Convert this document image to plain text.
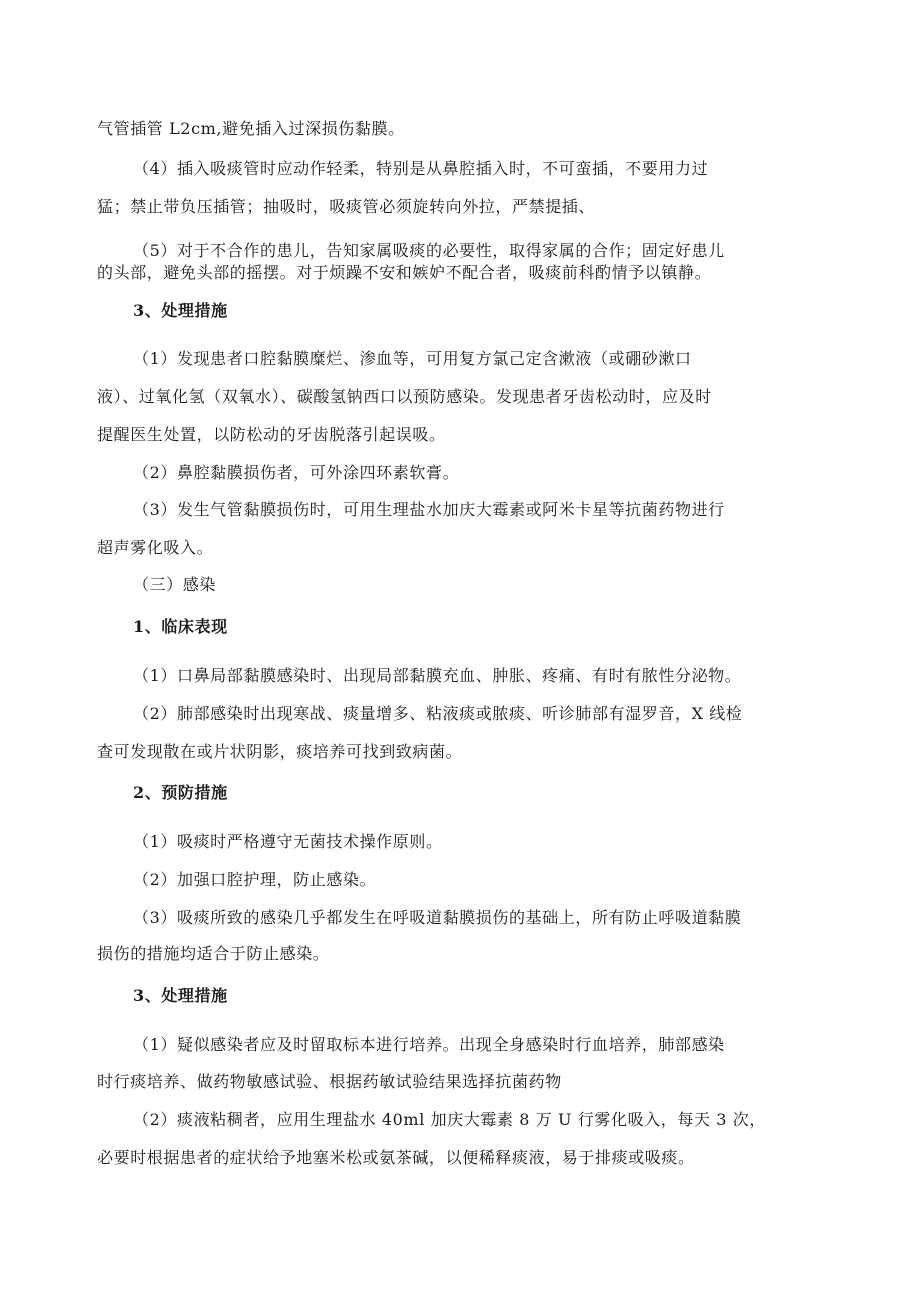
气管插管 L2cm,避免插入过深损伤黏膜。
（4）插入吸痰管时应动作轻柔，特别是从鼻腔插入时，不可蛮插，不要用力过
猛；禁止带负压插管；抽吸时，吸痰管必须旋转向外拉，严禁提插、
（5）对于不合作的患儿，告知家属吸痰的必要性，取得家属的合作；固定好患儿
的头部，避免头部的摇摆。对于烦躁不安和嫉妒不配合者，吸痰前科酌情予以镇静。
3、处理措施
（1）发现患者口腔黏膜糜烂、渗血等，可用复方氯己定含漱液（或硼砂漱口
液）、过氧化氢（双氧水）、碳酸氢钠西口以预防感染。发现患者牙齿松动时，应及时
提醒医生处置，以防松动的牙齿脱落引起误吸。
（2）鼻腔黏膜损伤者，可外涂四环素软膏。
（3）发生气管黏膜损伤时，可用生理盐水加庆大霉素或阿米卡星等抗菌药物进行
超声雾化吸入。
（三）感染
1、临床表现
（1）口鼻局部黏膜感染时、出现局部黏膜充血、肿胀、疼痛、有时有脓性分泌物。
（2）肺部感染时出现寒战、痰量增多、粘液痰或脓痰、听诊肺部有湿罗音，X 线检
查可发现散在或片状阴影，痰培养可找到致病菌。
2、预防措施
（1）吸痰时严格遵守无菌技术操作原则。
（2）加强口腔护理，防止感染。
（3）吸痰所致的感染几乎都发生在呼吸道黏膜损伤的基础上，所有防止呼吸道黏膜
损伤的措施均适合于防止感染。
3、处理措施
（1）疑似感染者应及时留取标本进行培养。出现全身感染时行血培养，肺部感染
时行痰培养、做药物敏感试验、根据药敏试验结果选择抗菌药物
（2）痰液粘稠者，应用生理盐水 40ml 加庆大霉素 8 万 U 行雾化吸入，每天 3 次，
必要时根据患者的症状给予地塞米松或氨茶碱，以便稀释痰液，易于排痰或吸痰。
